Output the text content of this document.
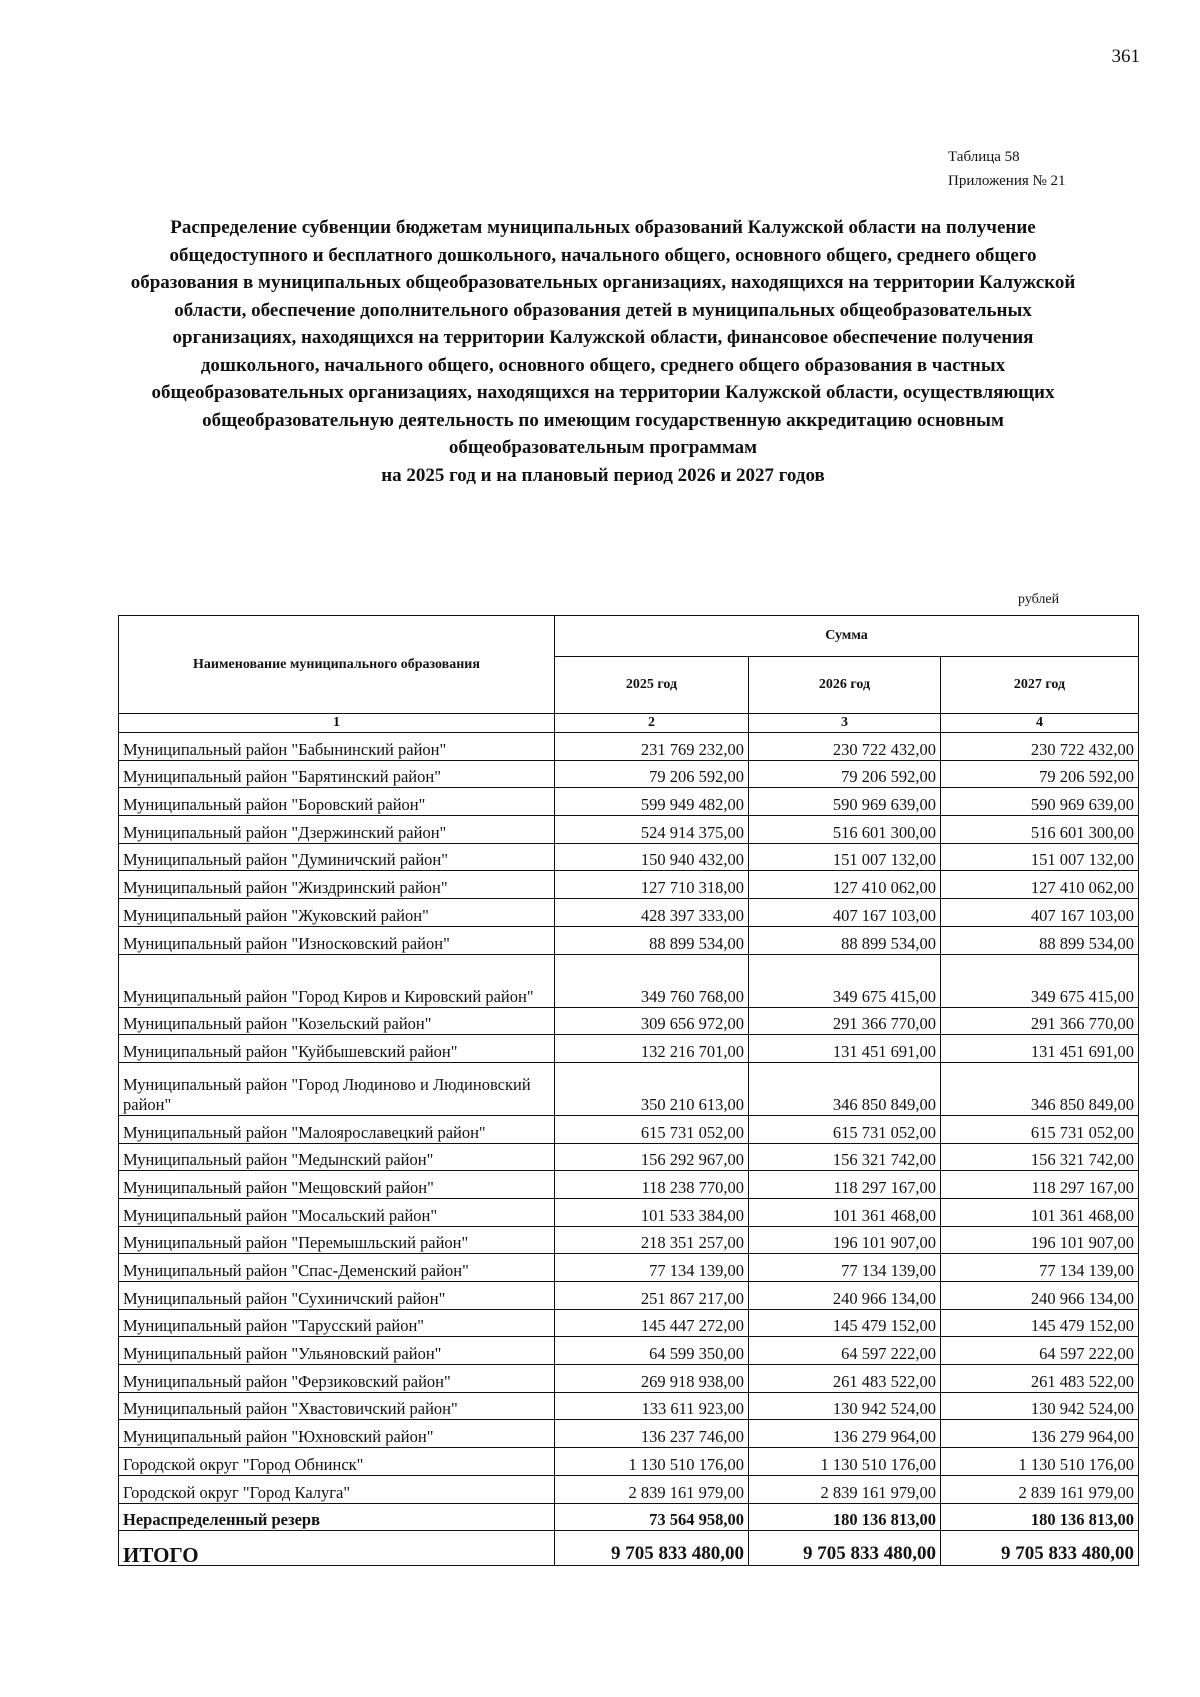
361
Таблица 58
Приложения № 21
Распределение субвенции бюджетам муниципальных образований Калужской области на получение общедоступного и бесплатного дошкольного, начального общего, основного общего, среднего общего образования в муниципальных общеобразовательных организациях, находящихся на территории Калужской области, обеспечение дополнительного образования детей в муниципальных общеобразовательных организациях, находящихся на территории Калужской области, финансовое обеспечение получения дошкольного, начального общего, основного общего, среднего общего образования в частных общеобразовательных организациях, находящихся на территории Калужской области, осуществляющих общеобразовательную деятельность по имеющим государственную аккредитацию основным общеобразовательным программам
на 2025 год и на плановый период 2026 и 2027 годов
рублей
Наименование муниципального образования	Сумма		
	2025 год	2026 год	2027 год
1	2	3	4
Муниципальный район "Бабынинский район"	231 769 232,00	230 722 432,00	230 722 432,00
Муниципальный район "Барятинский район"	79 206 592,00	79 206 592,00	79 206 592,00
Муниципальный район "Боровский район"	599 949 482,00	590 969 639,00	590 969 639,00
Муниципальный район "Дзержинский район"	524 914 375,00	516 601 300,00	516 601 300,00
Муниципальный район "Думиничский район"	150 940 432,00	151 007 132,00	151 007 132,00
Муниципальный район "Жиздринский район"	127 710 318,00	127 410 062,00	127 410 062,00
Муниципальный район "Жуковский район"	428 397 333,00	407 167 103,00	407 167 103,00
Муниципальный район "Износковский район"	88 899 534,00	88 899 534,00	88 899 534,00
Муниципальный район "Город Киров и Кировский район"	349 760 768,00	349 675 415,00	349 675 415,00
Муниципальный район "Козельский район"	309 656 972,00	291 366 770,00	291 366 770,00
Муниципальный район "Куйбышевский район"	132 216 701,00	131 451 691,00	131 451 691,00
Муниципальный район "Город Людиново и Людиновский район"	350 210 613,00	346 850 849,00	346 850 849,00
Муниципальный район "Малоярославецкий район"	615 731 052,00	615 731 052,00	615 731 052,00
Муниципальный район "Медынский район"	156 292 967,00	156 321 742,00	156 321 742,00
Муниципальный район "Мещовский район"	118 238 770,00	118 297 167,00	118 297 167,00
Муниципальный район "Мосальский район"	101 533 384,00	101 361 468,00	101 361 468,00
Муниципальный район "Перемышльский район"	218 351 257,00	196 101 907,00	196 101 907,00
Муниципальный район "Спас-Деменский район"	77 134 139,00	77 134 139,00	77 134 139,00
Муниципальный район "Сухиничский район"	251 867 217,00	240 966 134,00	240 966 134,00
Муниципальный район "Тарусский район"	145 447 272,00	145 479 152,00	145 479 152,00
Муниципальный район "Ульяновский район"	64 599 350,00	64 597 222,00	64 597 222,00
Муниципальный район "Ферзиковский район"	269 918 938,00	261 483 522,00	261 483 522,00
Муниципальный район "Хвастовичский район"	133 611 923,00	130 942 524,00	130 942 524,00
Муниципальный район "Юхновский район"	136 237 746,00	136 279 964,00	136 279 964,00
Городской округ "Город Обнинск"	1 130 510 176,00	1 130 510 176,00	1 130 510 176,00
Городской округ "Город Калуга"	2 839 161 979,00	2 839 161 979,00	2 839 161 979,00
Нераспределенный резерв	73 564 958,00	180 136 813,00	180 136 813,00
ИТОГО	9 705 833 480,00	9 705 833 480,00	9 705 833 480,00
